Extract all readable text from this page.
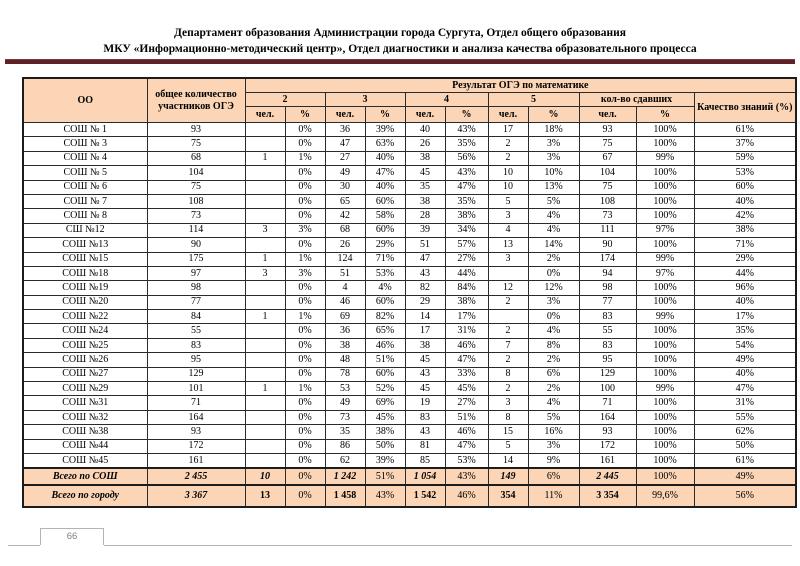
Департамент образования Администрации города Сургута, Отдел общего образования
МКУ «Информационно-методический центр», Отдел диагностики и анализа качества образовательного процесса
ОО	общее количество участников ОГЭ	Результат ОГЭ по математике										
		2		3		4		5		кол-во сдавших		Качество знаний (%)
		чел.	%	чел.	%	чел.	%	чел.	%	чел.	%	
СОШ № 1	93		0%	36	39%	40	43%	17	18%	93	100%	61%
СОШ № 3	75		0%	47	63%	26	35%	2	3%	75	100%	37%
СОШ № 4	68	1	1%	27	40%	38	56%	2	3%	67	99%	59%
СОШ № 5	104		0%	49	47%	45	43%	10	10%	104	100%	53%
СОШ № 6	75		0%	30	40%	35	47%	10	13%	75	100%	60%
СОШ № 7	108		0%	65	60%	38	35%	5	5%	108	100%	40%
СОШ № 8	73		0%	42	58%	28	38%	3	4%	73	100%	42%
СШ №12	114	3	3%	68	60%	39	34%	4	4%	111	97%	38%
СОШ №13	90		0%	26	29%	51	57%	13	14%	90	100%	71%
СОШ №15	175	1	1%	124	71%	47	27%	3	2%	174	99%	29%
СОШ №18	97	3	3%	51	53%	43	44%		0%	94	97%	44%
СОШ №19	98		0%	4	4%	82	84%	12	12%	98	100%	96%
СОШ №20	77		0%	46	60%	29	38%	2	3%	77	100%	40%
СОШ №22	84	1	1%	69	82%	14	17%		0%	83	99%	17%
СОШ №24	55		0%	36	65%	17	31%	2	4%	55	100%	35%
СОШ №25	83		0%	38	46%	38	46%	7	8%	83	100%	54%
СОШ №26	95		0%	48	51%	45	47%	2	2%	95	100%	49%
СОШ №27	129		0%	78	60%	43	33%	8	6%	129	100%	40%
СОШ №29	101	1	1%	53	52%	45	45%	2	2%	100	99%	47%
СОШ №31	71		0%	49	69%	19	27%	3	4%	71	100%	31%
СОШ №32	164		0%	73	45%	83	51%	8	5%	164	100%	55%
СОШ №38	93		0%	35	38%	43	46%	15	16%	93	100%	62%
СОШ №44	172		0%	86	50%	81	47%	5	3%	172	100%	50%
СОШ №45	161		0%	62	39%	85	53%	14	9%	161	100%	61%
Всего по СОШ	2 455	10	0%	1 242	51%	1 054	43%	149	6%	2 445	100%	49%
Всего по городу	3 367	13	0%	1 458	43%	1 542	46%	354	11%	3 354	99,6%	56%
66
